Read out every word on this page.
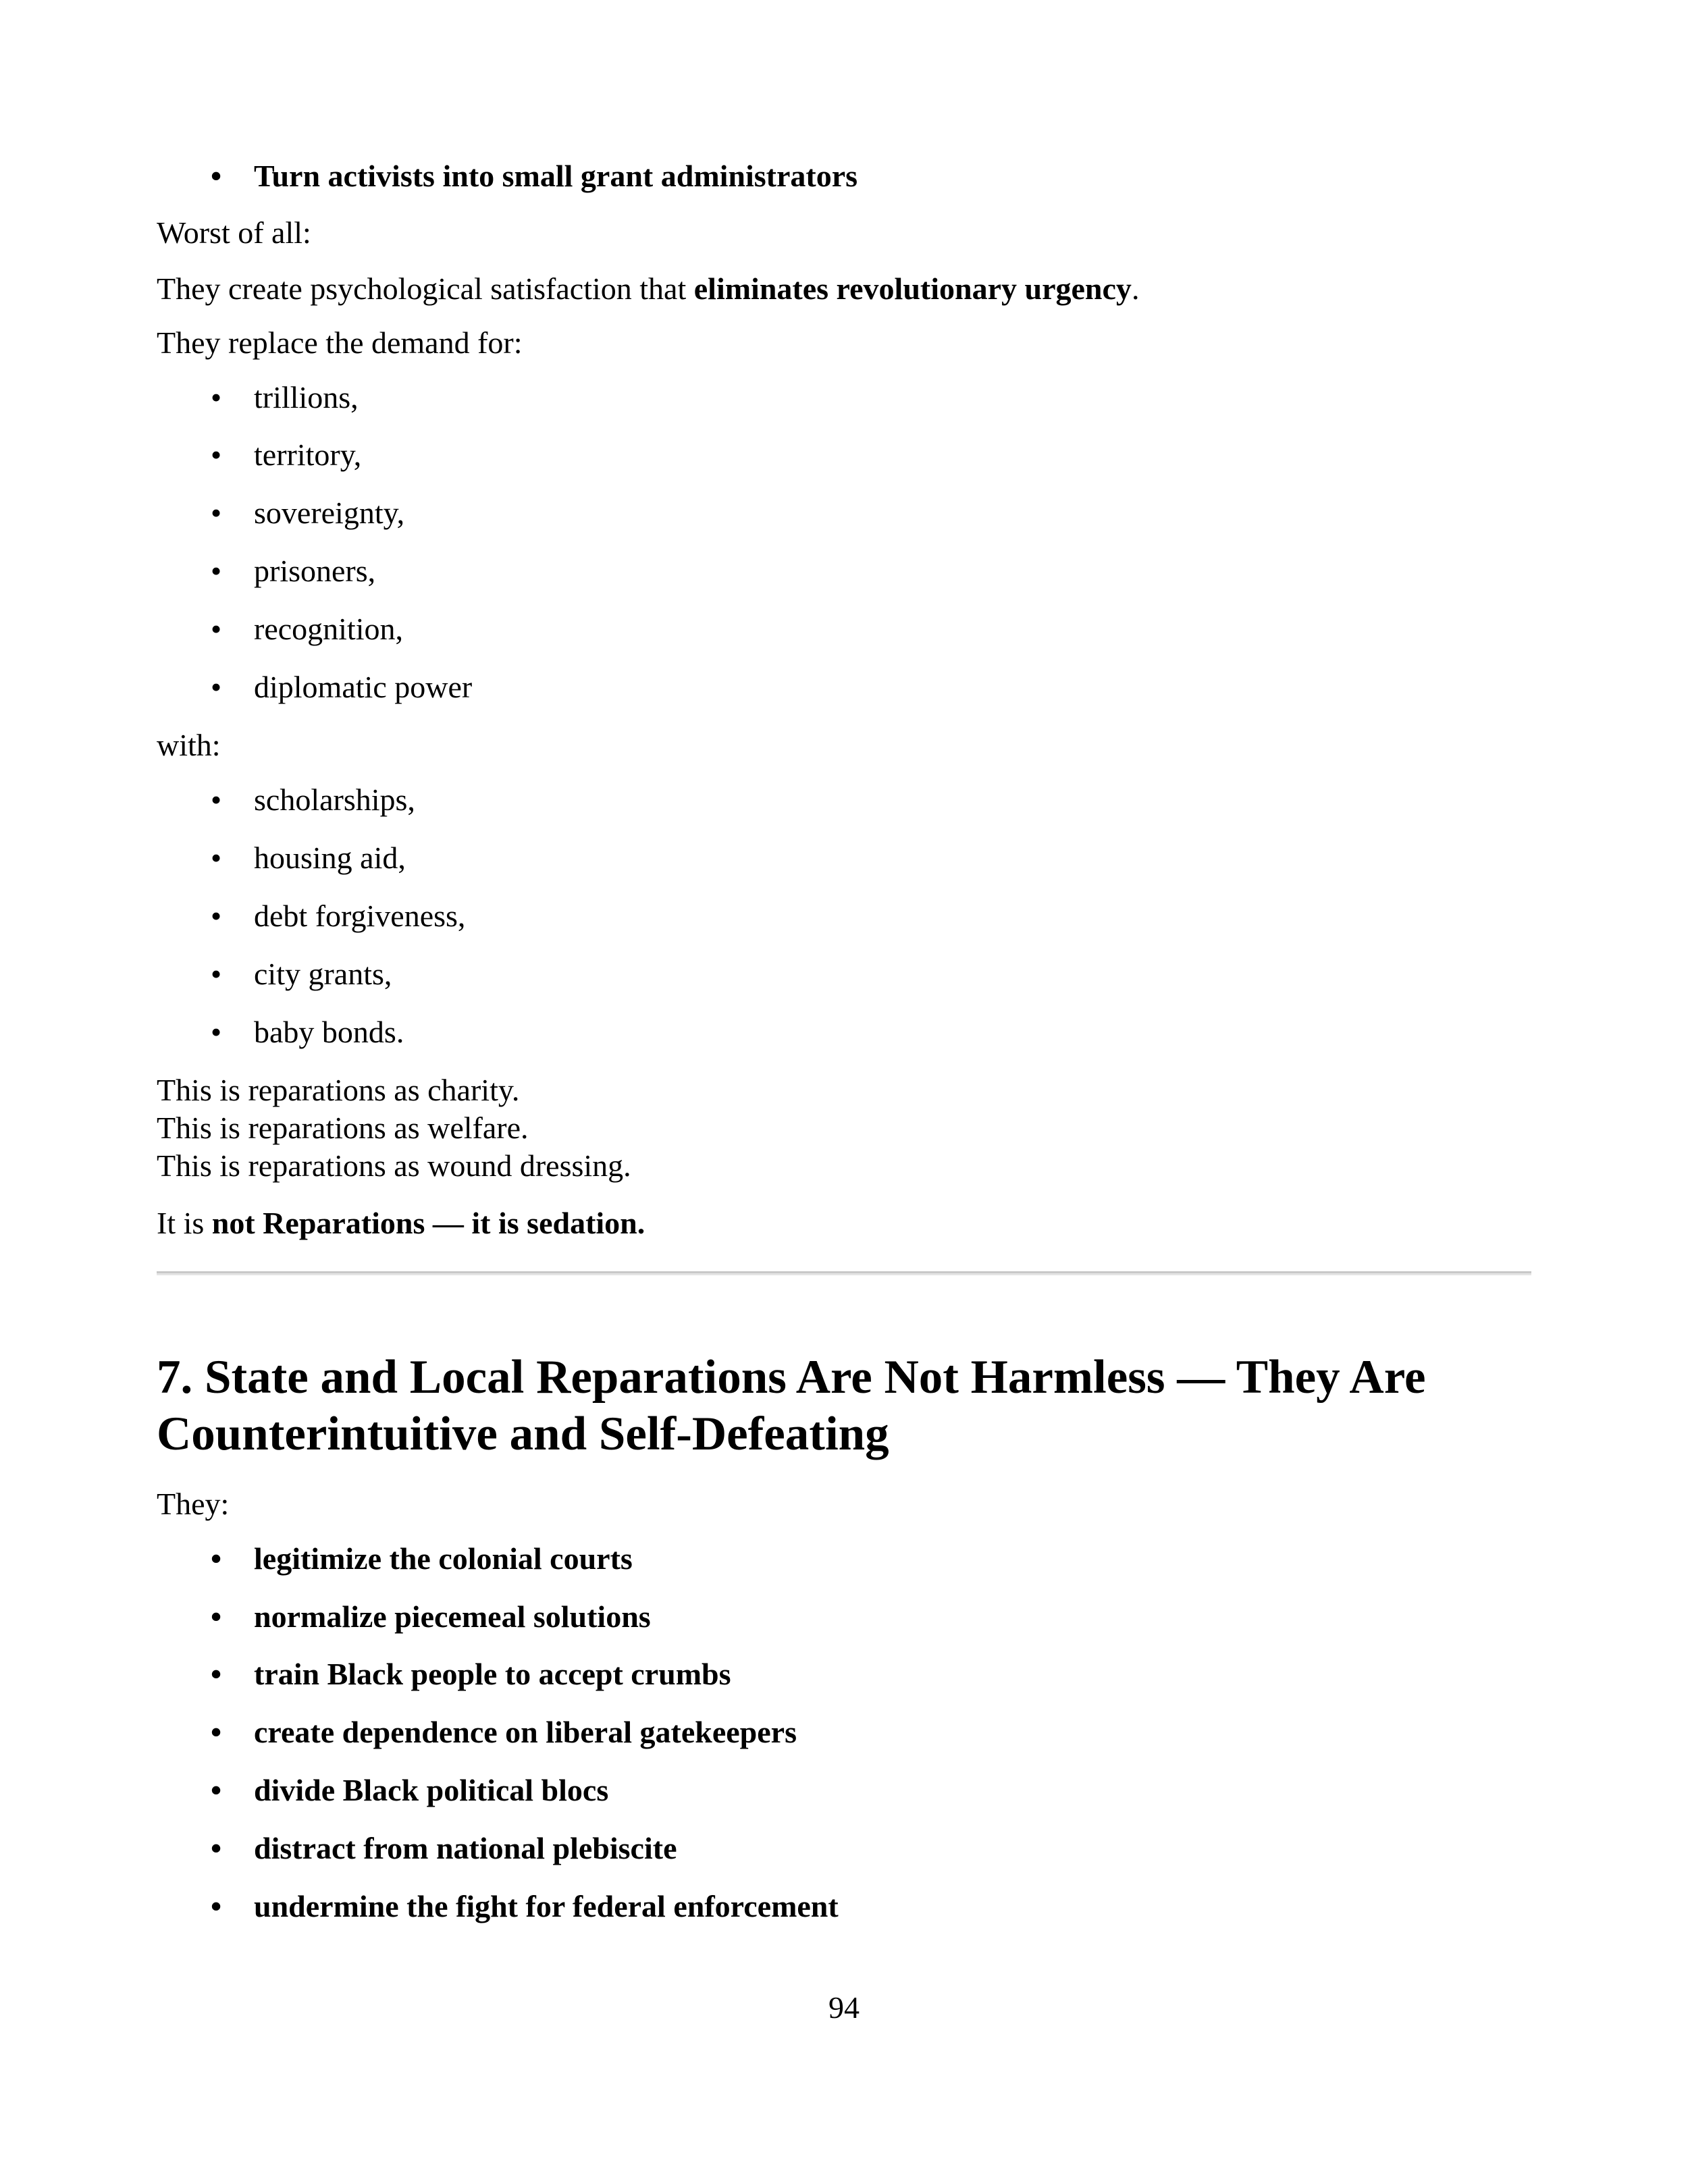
•	Turn activists into small grant administrators

Worst of all:

They create psychological satisfaction that eliminates revolutionary urgency.

They replace the demand for:

•	trillions,
•	territory,
•	sovereignty,
•	prisoners,
•	recognition,
•	diplomatic power

with:

•	scholarships,
•	housing aid,
•	debt forgiveness,
•	city grants,
•	baby bonds.

This is reparations as charity.

This is reparations as welfare.

This is reparations as wound dressing.

It is not Reparations — it is sedation.

7. State and Local Reparations Are Not Harmless — They Are
Counterintuitive and Self-Defeating

They:

•	legitimize the colonial courts
•	normalize piecemeal solutions
•	train Black people to accept crumbs
•	create dependence on liberal gatekeepers
•	divide Black political blocs
•	distract from national plebiscite
•	undermine the fight for federal enforcement
94
